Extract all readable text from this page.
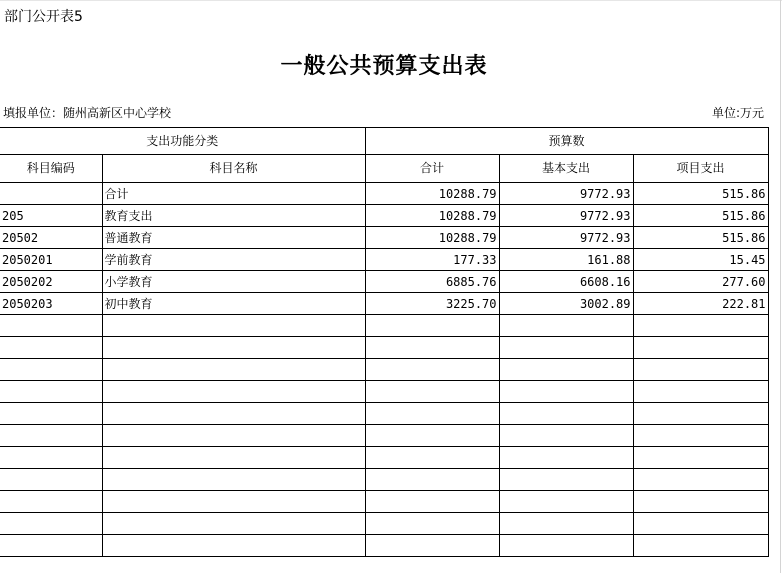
部门公开表5
一般公共预算支出表
填报单位：随州高新区中心学校	单位:万元
支出功能分类		预算数		
科目编码	科目名称	合计	基本支出	项目支出
	合计	10288.79	9772.93	515.86
205	教育支出	10288.79	9772.93	515.86
20502	普通教育	10288.79	9772.93	515.86
2050201	学前教育	177.33	161.88	15.45
2050202	小学教育	6885.76	6608.16	277.60
2050203	初中教育	3225.70	3002.89	222.81
